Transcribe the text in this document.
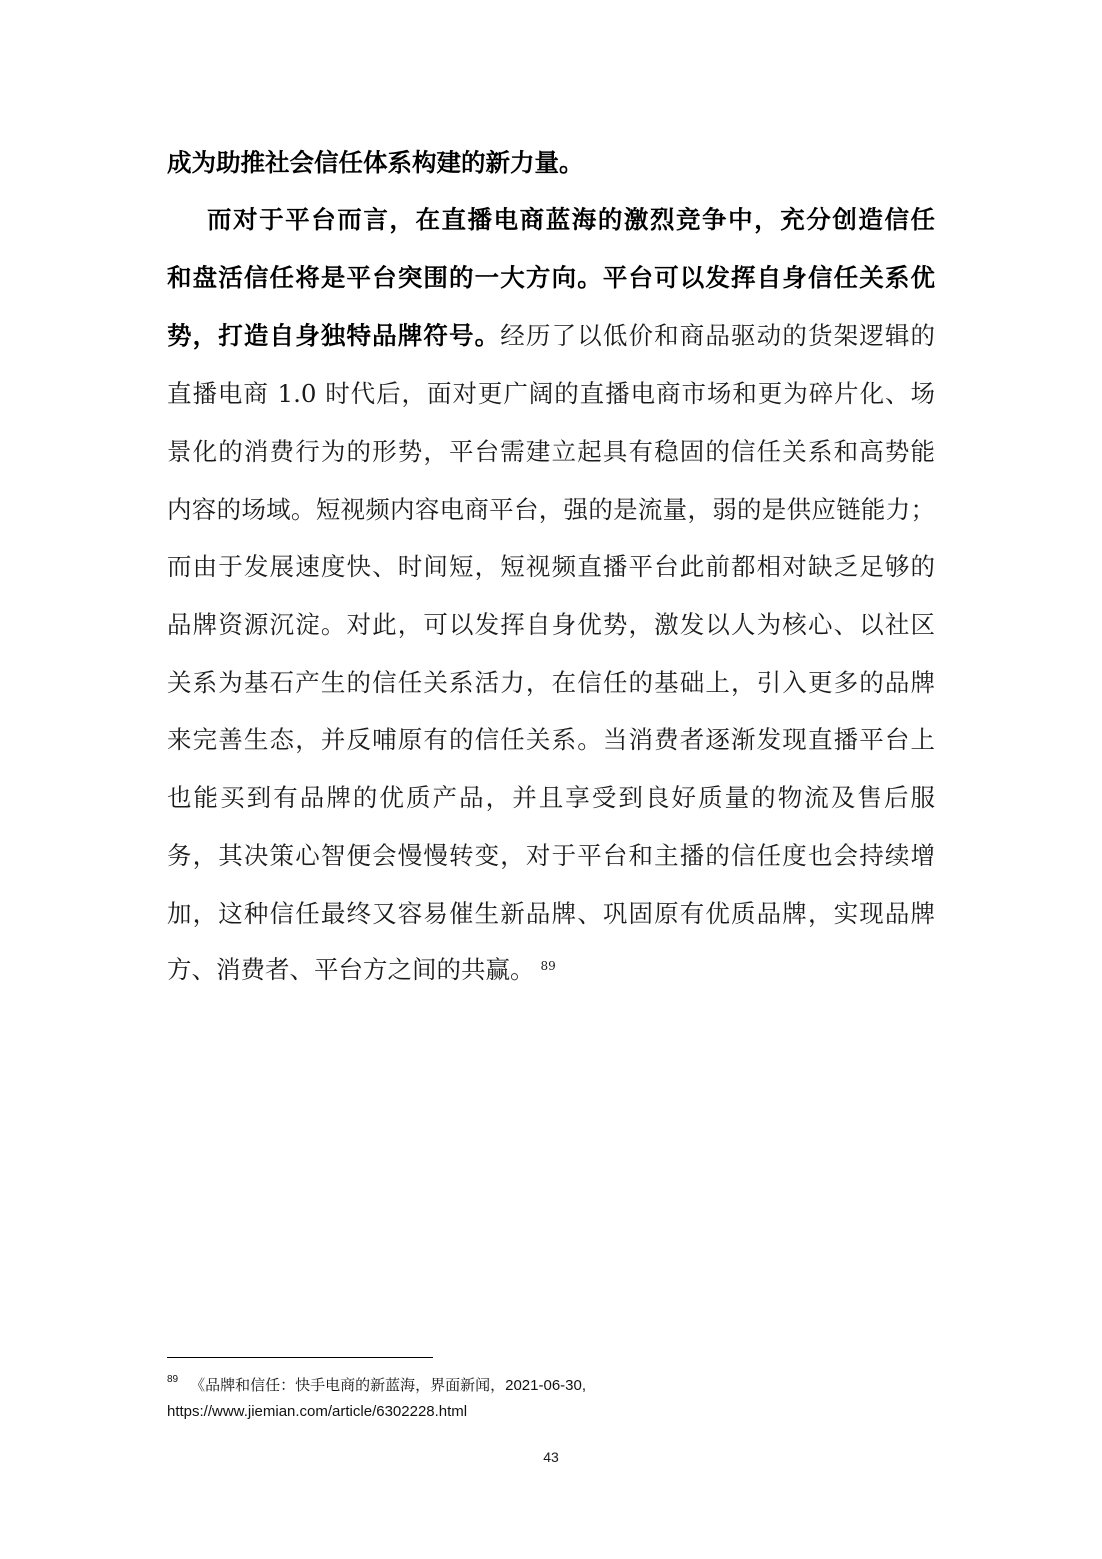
成为助推社会信任体系构建的新力量。
而对于平台而言，在直播电商蓝海的激烈竞争中，充分创造信任
和盘活信任将是平台突围的一大方向。平台可以发挥自身信任关系优
势，打造自身独特品牌符号。经历了以低价和商品驱动的货架逻辑的
直播电商 1.0 时代后，面对更广阔的直播电商市场和更为碎片化、场
景化的消费行为的形势，平台需建立起具有稳固的信任关系和高势能
内容的场域。短视频内容电商平台，强的是流量，弱的是供应链能力；
而由于发展速度快、时间短，短视频直播平台此前都相对缺乏足够的
品牌资源沉淀。对此，可以发挥自身优势，激发以人为核心、以社区
关系为基石产生的信任关系活力，在信任的基础上，引入更多的品牌
来完善生态，并反哺原有的信任关系。当消费者逐渐发现直播平台上
也能买到有品牌的优质产品，并且享受到良好质量的物流及售后服
务，其决策心智便会慢慢转变，对于平台和主播的信任度也会持续增
加，这种信任最终又容易催生新品牌、巩固原有优质品牌，实现品牌
方、消费者、平台方之间的共赢。 $^{89}$
$^{89}$ 《品牌和信任：快手电商的新蓝海，界面新闻，2021-06-30,
https://www.jiemian.com/article/6302228.html
43
